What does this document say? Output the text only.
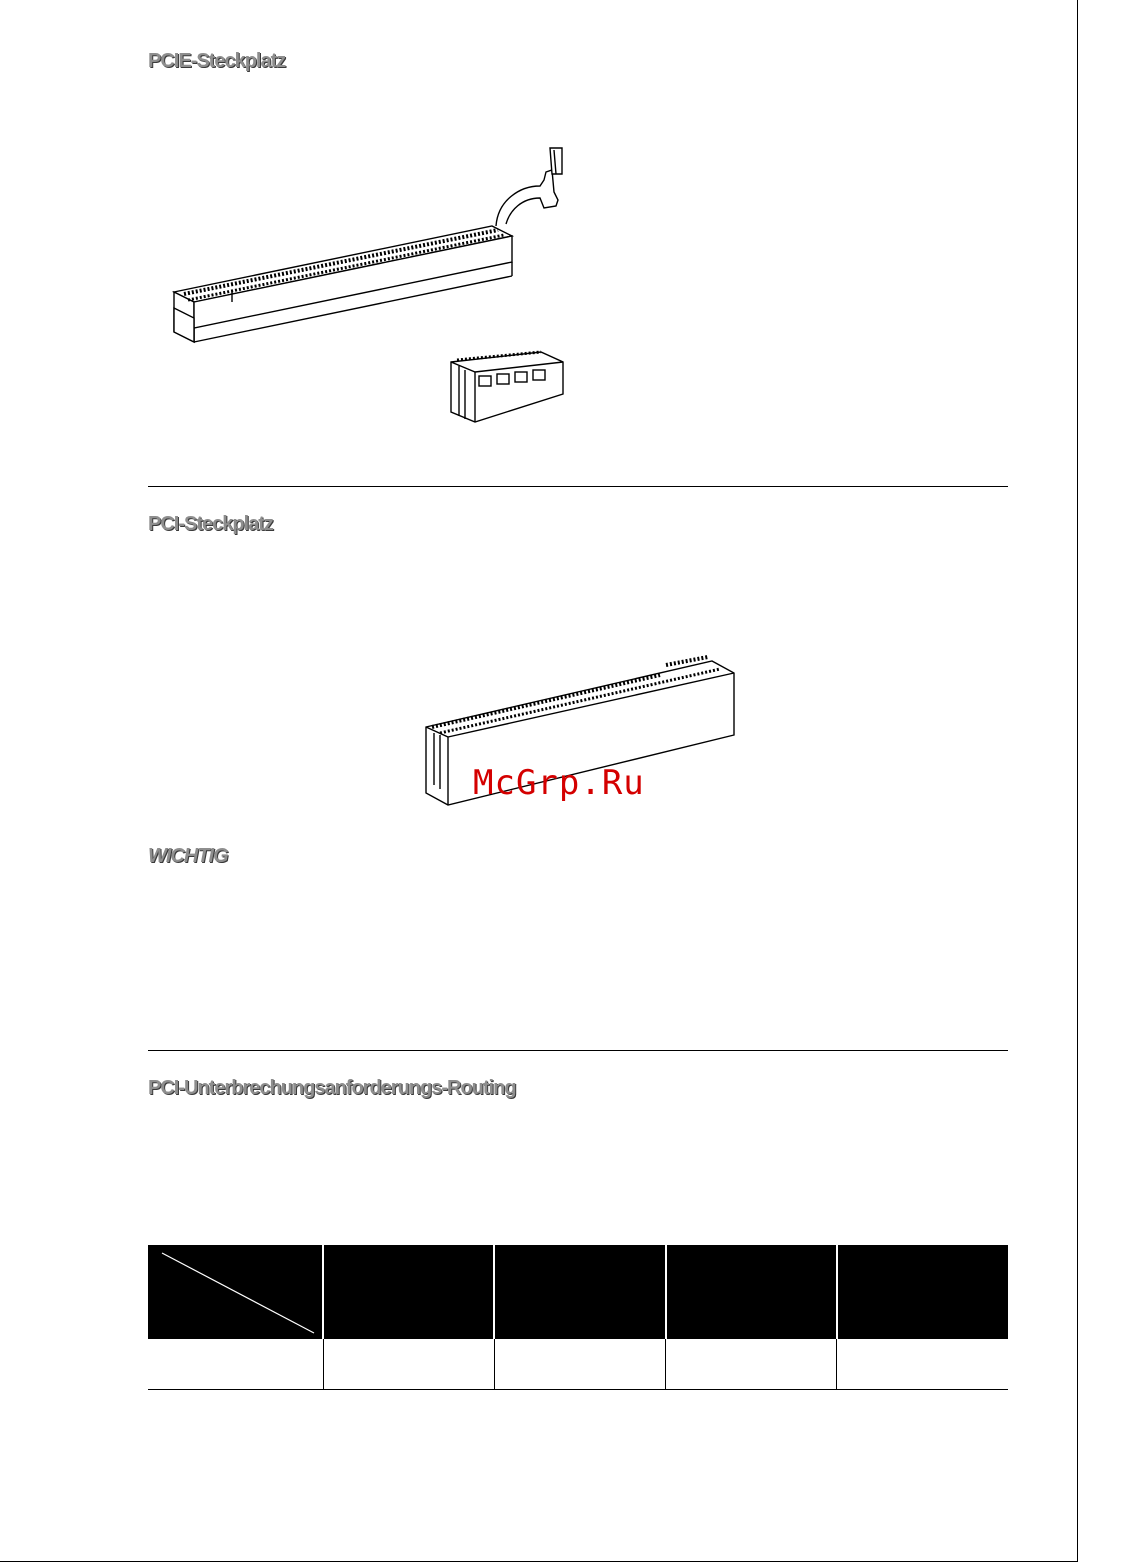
PCIE-Steckplatz
PCI-Steckplatz
McGrp.Ru
WICHTIG
PCI-Unterbrechungsanforderungs-Routing
